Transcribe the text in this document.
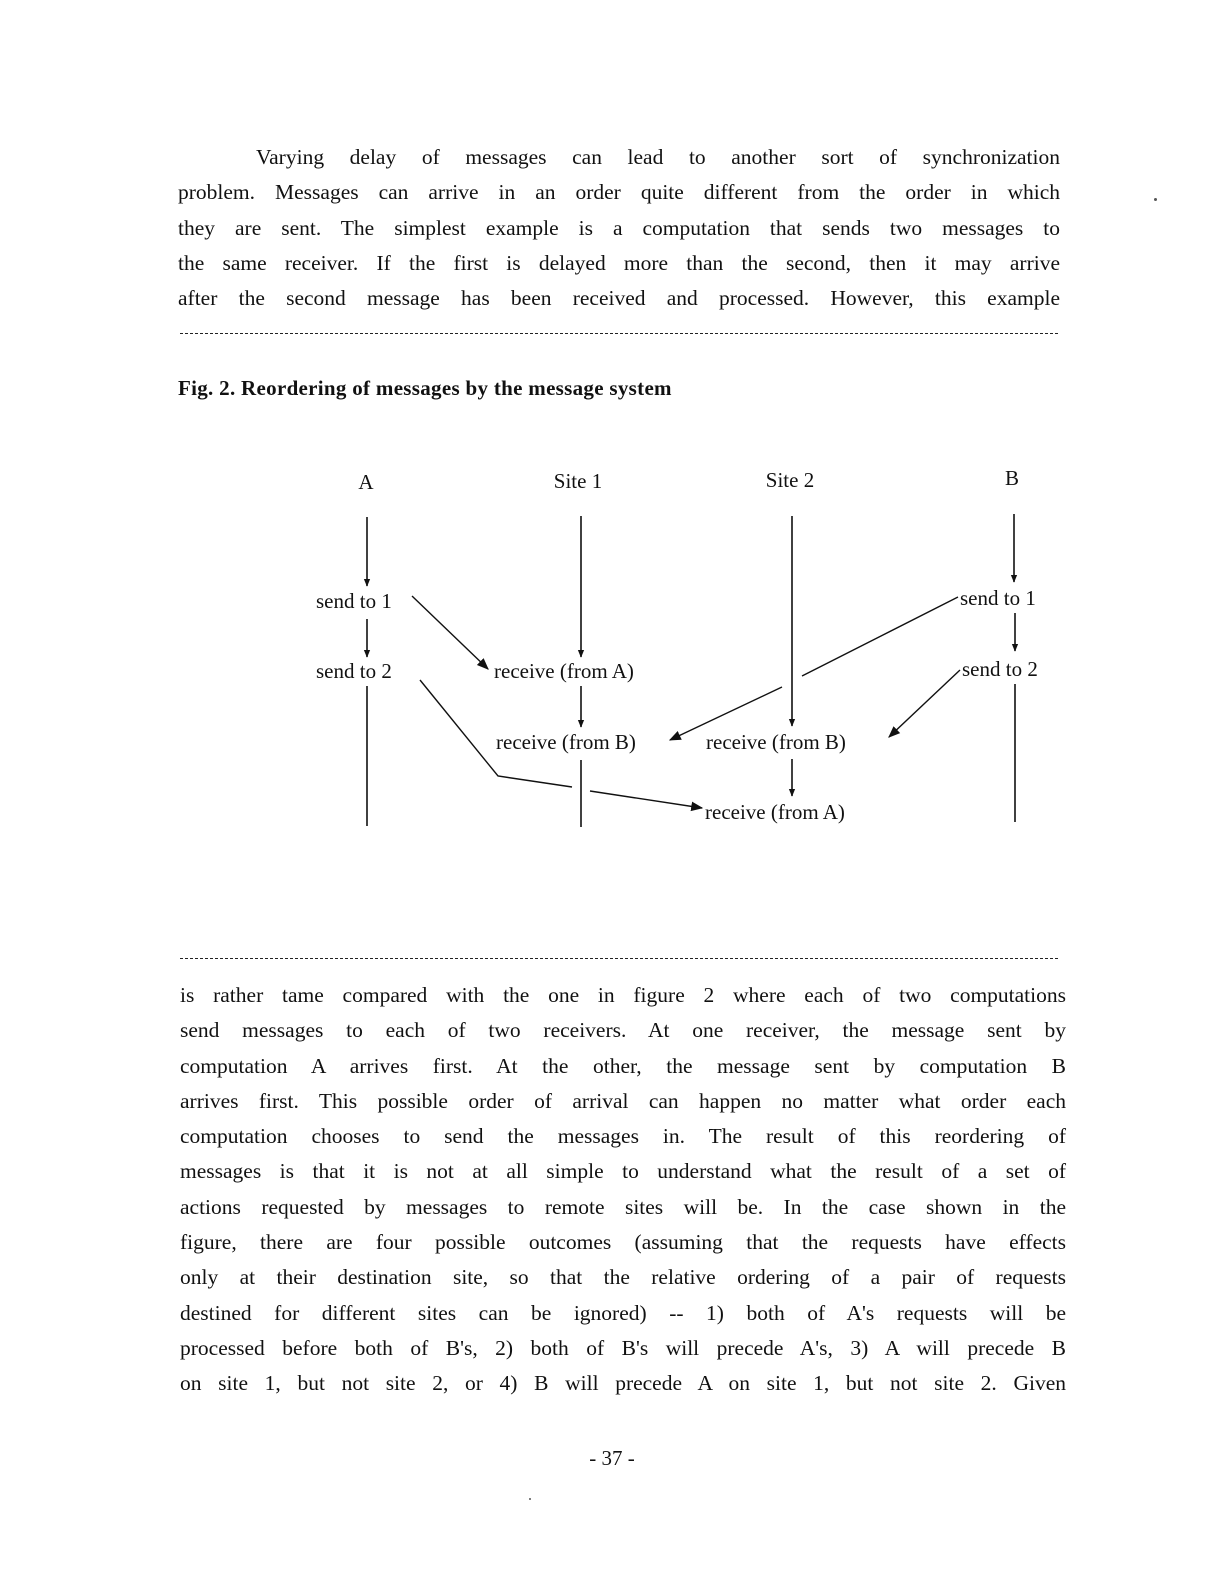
Varying delay of messages can lead to another sort of synchronization
problem. Messages can arrive in an order quite different from the order in which
they are sent. The simplest example is a computation that sends two messages to
the same receiver. If the first is delayed more than the second, then it may arrive
after the second message has been received and processed. However, this example
Fig. 2. Reordering of messages by the message system
A	Site 1	Site 2	B
send to 1
send to 2	receive (from A)
receive (from B)	receive (from B)
receive (from A)
send to 1
send to 2
is rather tame compared with the one in figure 2 where each of two computations
send messages to each of two receivers. At one receiver, the message sent by
computation A arrives first. At the other, the message sent by computation B
arrives first. This possible order of arrival can happen no matter what order each
computation chooses to send the messages in. The result of this reordering of
messages is that it is not at all simple to understand what the result of a set of
actions requested by messages to remote sites will be. In the case shown in the
figure, there are four possible outcomes (assuming that the requests have effects
only at their destination site, so that the relative ordering of a pair of requests
destined for different sites can be ignored) -- 1) both of A's requests will be
processed before both of B's, 2) both of B's will precede A's, 3) A will precede B
on site 1, but not site 2, or 4) B will precede A on site 1, but not site 2. Given
- 37 -
